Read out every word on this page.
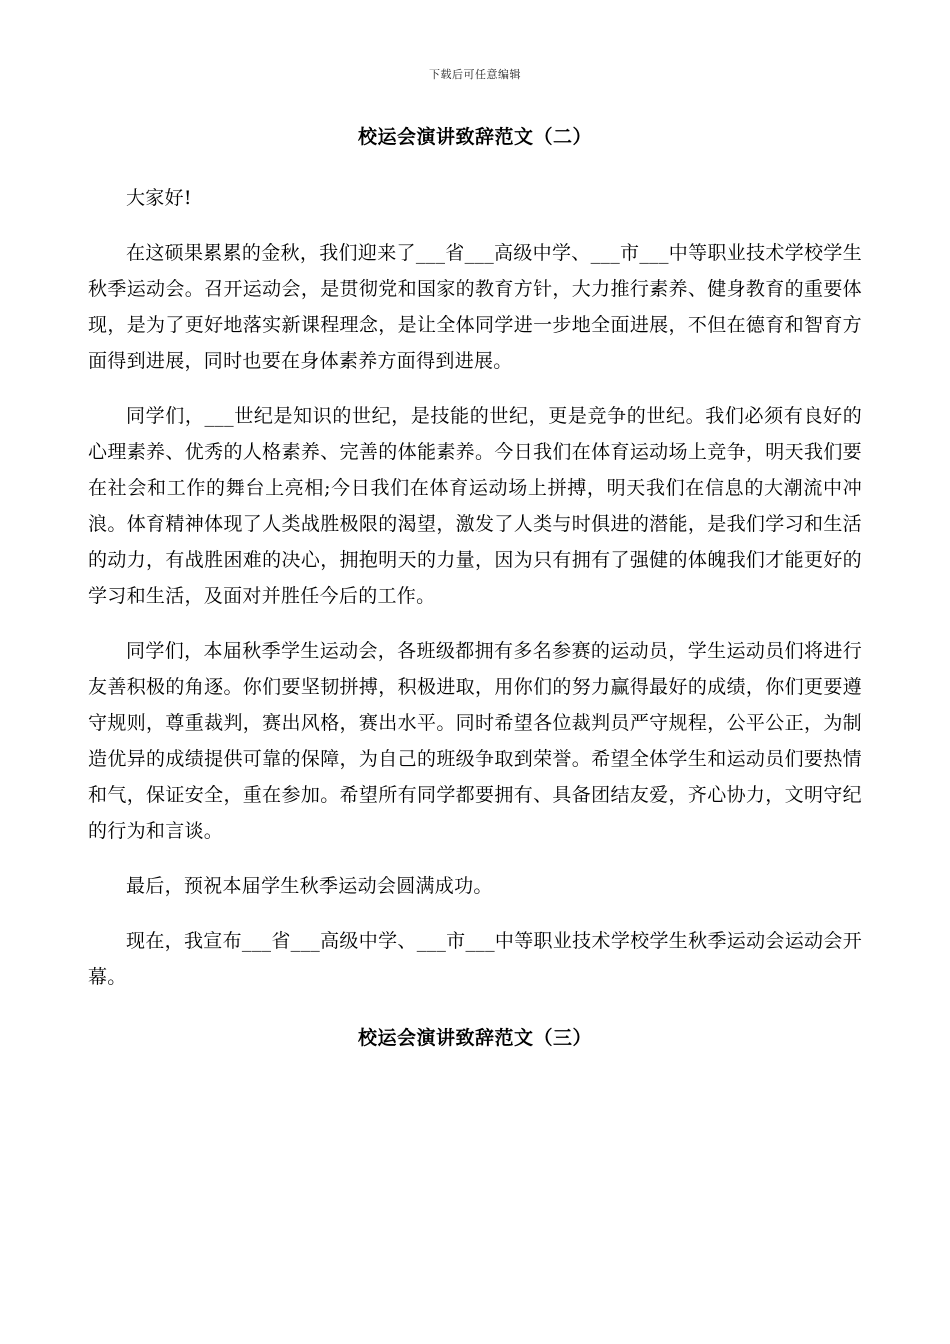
下载后可任意编辑
校运会演讲致辞范文（二）

大家好!

在这硕果累累的金秋，我们迎来了___省___高级中学、___市___中等职业技术学校学生秋季运动会。召开运动会，是贯彻党和国家的教育方针，大力推行素养、健身教育的重要体现，是为了更好地落实新课程理念，是让全体同学进一步地全面进展，不但在德育和智育方面得到进展，同时也要在身体素养方面得到进展。

同学们，___世纪是知识的世纪，是技能的世纪，更是竞争的世纪。我们必须有良好的心理素养、优秀的人格素养、完善的体能素养。今日我们在体育运动场上竞争，明天我们要在社会和工作的舞台上亮相;今日我们在体育运动场上拼搏，明天我们在信息的大潮流中冲浪。体育精神体现了人类战胜极限的渴望，激发了人类与时俱进的潜能，是我们学习和生活的动力，有战胜困难的决心，拥抱明天的力量，因为只有拥有了强健的体魄我们才能更好的学习和生活，及面对并胜任今后的工作。

同学们，本届秋季学生运动会，各班级都拥有多名参赛的运动员，学生运动员们将进行友善积极的角逐。你们要坚韧拼搏，积极进取，用你们的努力赢得最好的成绩，你们更要遵守规则，尊重裁判，赛出风格，赛出水平。同时希望各位裁判员严守规程，公平公正，为制造优异的成绩提供可靠的保障，为自己的班级争取到荣誉。希望全体学生和运动员们要热情和气，保证安全，重在参加。希望所有同学都要拥有、具备团结友爱，齐心协力，文明守纪的行为和言谈。

最后，预祝本届学生秋季运动会圆满成功。

现在，我宣布___省___高级中学、___市___中等职业技术学校学生秋季运动会运动会开幕。

校运会演讲致辞范文（三）
